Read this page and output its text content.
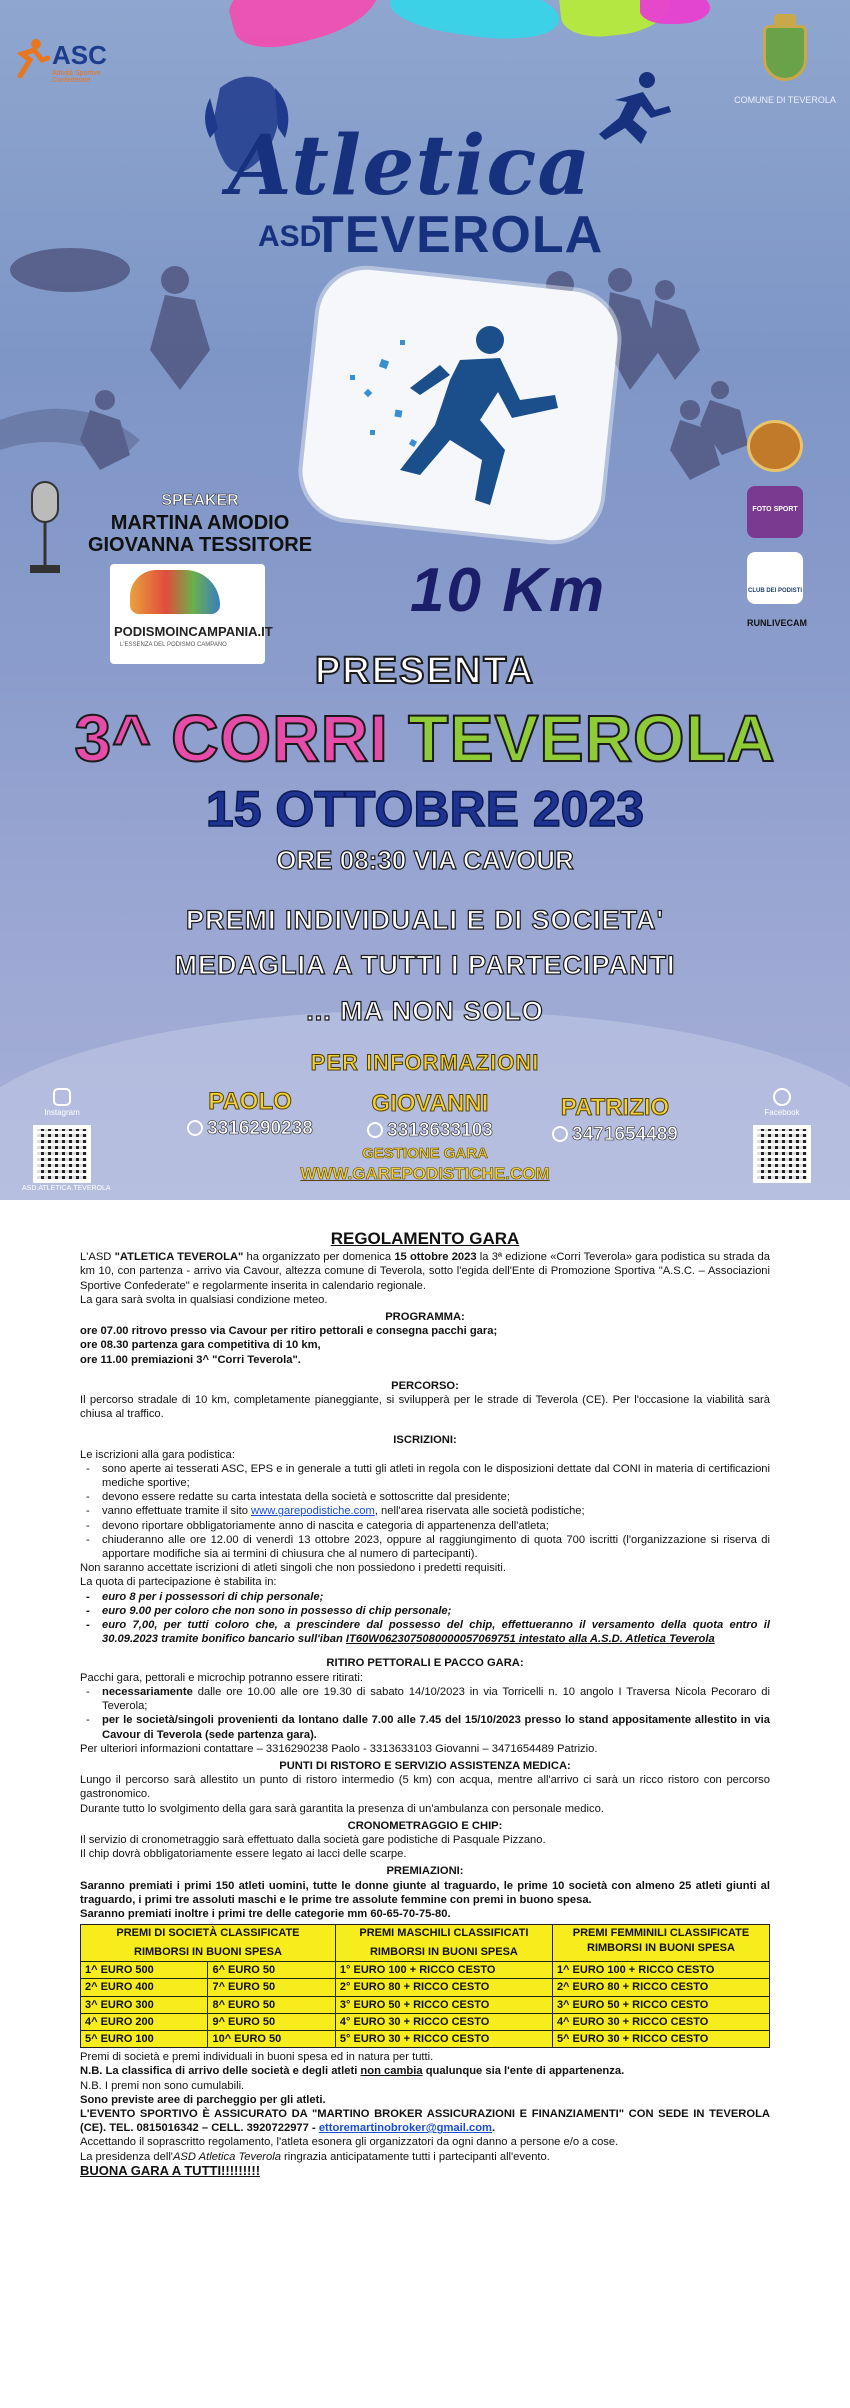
ASC
Attività Sportive Confederate
COMUNE DI TEVEROLA
Atletica
ASD
TEVEROLA
SPEAKER
MARTINA AMODIO
GIOVANNA TESSITORE
PODISMOINCAMPANIA.IT
L'ESSENZA DEL PODISMO CAMPANO
10 Km
FOTO SPORT
CLUB DEI PODISTI
RUNLIVECAM
PRESENTA
3^ CORRI TEVEROLA
15 OTTOBRE 2023
ORE 08:30 VIA CAVOUR
PREMI INDIVIDUALI E DI SOCIETA'
MEDAGLIA A TUTTI I PARTECIPANTI
... MA NON SOLO
PER INFORMAZIONI
PAOLO
3316290238
GIOVANNI
3313633103
PATRIZIO
3471654489
GESTIONE GARA
WWW.GAREPODISTICHE.COM
Instagram
ASD.ATLETICA.TEVEROLA
Facebook
REGOLAMENTO GARA

L'ASD "ATLETICA TEVEROLA" ha organizzato per domenica 15 ottobre 2023 la 3ª edizione «Corri Teverola» gara podistica su strada da km 10, con partenza - arrivo via Cavour, altezza comune di Teverola, sotto l'egida dell'Ente di Promozione Sportiva "A.S.C. – Associazioni Sportive Confederate" e regolarmente inserita in calendario regionale.

La gara sarà svolta in qualsiasi condizione meteo.

PROGRAMMA:

ore 07.00 ritrovo presso via Cavour per ritiro pettorali e consegna pacchi gara;

ore 08.30 partenza gara competitiva di 10 km,

ore 11.00 premiazioni 3^ "Corri Teverola".

PERCORSO:

Il percorso stradale di 10 km, completamente pianeggiante, si svilupperà per le strade di Teverola (CE). Per l'occasione la viabilità sarà chiusa al traffico.

ISCRIZIONI:

Le iscrizioni alla gara podistica:

- sono aperte ai tesserati ASC, EPS e in generale a tutti gli atleti in regola con le disposizioni dettate dal CONI in materia di certificazioni mediche sportive;
- devono essere redatte su carta intestata della società e sottoscritte dal presidente;
- vanno effettuate tramite il sito www.garepodistiche.com, nell'area riservata alle società podistiche;
- devono riportare obbligatoriamente anno di nascita e categoria di appartenenza dell'atleta;
- chiuderanno alle ore 12.00 di venerdì 13 ottobre 2023, oppure al raggiungimento di quota 700 iscritti (l'organizzazione si riserva di apportare modifiche sia ai termini di chiusura che al numero di partecipanti).

Non saranno accettate iscrizioni di atleti singoli che non possiedono i predetti requisiti.

La quota di partecipazione è stabilita in:

- euro 8 per i possessori di chip personale;
- euro 9.00 per coloro che non sono in possesso di chip personale;
- euro 7,00, per tutti coloro che, a prescindere dal possesso del chip, effettueranno il versamento della quota entro il 30.09.2023 tramite bonifico bancario sull'iban IT60W0623075080000057069751 intestato alla A.S.D. Atletica Teverola
RITIRO PETTORALI E PACCO GARA:

Pacchi gara, pettorali e microchip potranno essere ritirati:

- necessariamente dalle ore 10.00 alle ore 19.30 di sabato 14/10/2023 in via Torricelli n. 10 angolo I Traversa Nicola Pecoraro di Teverola;
- per le società/singoli provenienti da lontano dalle 7.00 alle 7.45 del 15/10/2023 presso lo stand appositamente allestito in via Cavour di Teverola (sede partenza gara).

Per ulteriori informazioni contattare – 3316290238 Paolo - 3313633103 Giovanni – 3471654489 Patrizio.

PUNTI DI RISTORO E SERVIZIO ASSISTENZA MEDICA:

Lungo il percorso sarà allestito un punto di ristoro intermedio (5 km) con acqua, mentre all'arrivo ci sarà un ricco ristoro con percorso gastronomico.

Durante tutto lo svolgimento della gara sarà garantita la presenza di un'ambulanza con personale medico.

CRONOMETRAGGIO E CHIP:

Il servizio di cronometraggio sarà effettuato dalla società gare podistiche di Pasquale Pizzano.

Il chip dovrà obbligatoriamente essere legato ai lacci delle scarpe.

PREMIAZIONI:

Saranno premiati i primi 150 atleti uomini, tutte le donne giunte al traguardo, le prime 10 società con almeno 25 atleti giunti al traguardo, i primi tre assoluti maschi e le prime tre assolute femmine con premi in buono spesa.

Saranno premiati inoltre i primi tre delle categorie mm 60-65-70-75-80.

PREMI DI SOCIETÀ CLASSIFICATE
RIMBORSI IN BUONI SPESA		PREMI MASCHILI CLASSIFICATI
RIMBORSI IN BUONI SPESA	PREMI FEMMINILI CLASSIFICATE
RIMBORSI IN BUONI SPESA

1^ EURO 500	6^ EURO 50	1° EURO 100 + RICCO CESTO	1^ EURO 100 + RICCO CESTO
2^ EURO 400	7^ EURO 50	2° EURO 80 + RICCO CESTO	2^ EURO 80 + RICCO CESTO
3^ EURO 300	8^ EURO 50	3° EURO 50 + RICCO CESTO	3^ EURO 50 + RICCO CESTO
4^ EURO 200	9^ EURO 50	4° EURO 30 + RICCO CESTO	4^ EURO 30 + RICCO CESTO
5^ EURO 100	10^ EURO 50	5° EURO 30 + RICCO CESTO	5^ EURO 30 + RICCO CESTO

Premi di società e premi individuali in buoni spesa ed in natura per tutti.

N.B. La classifica di arrivo delle società e degli atleti non cambia qualunque sia l'ente di appartenenza.

N.B. I premi non sono cumulabili.

Sono previste aree di parcheggio per gli atleti.

L'EVENTO SPORTIVO È ASSICURATO DA "MARTINO BROKER ASSICURAZIONI E FINANZIAMENTI" CON SEDE IN TEVEROLA (CE). TEL. 0815016342 – CELL. 3920722977 - ettoremartinobroker@gmail.com.

Accettando il soprascritto regolamento, l'atleta esonera gli organizzatori da ogni danno a persone e/o a cose.

La presidenza dell'ASD Atletica Teverola ringrazia anticipatamente tutti i partecipanti all'evento.

BUONA GARA A TUTTI!!!!!!!!!
